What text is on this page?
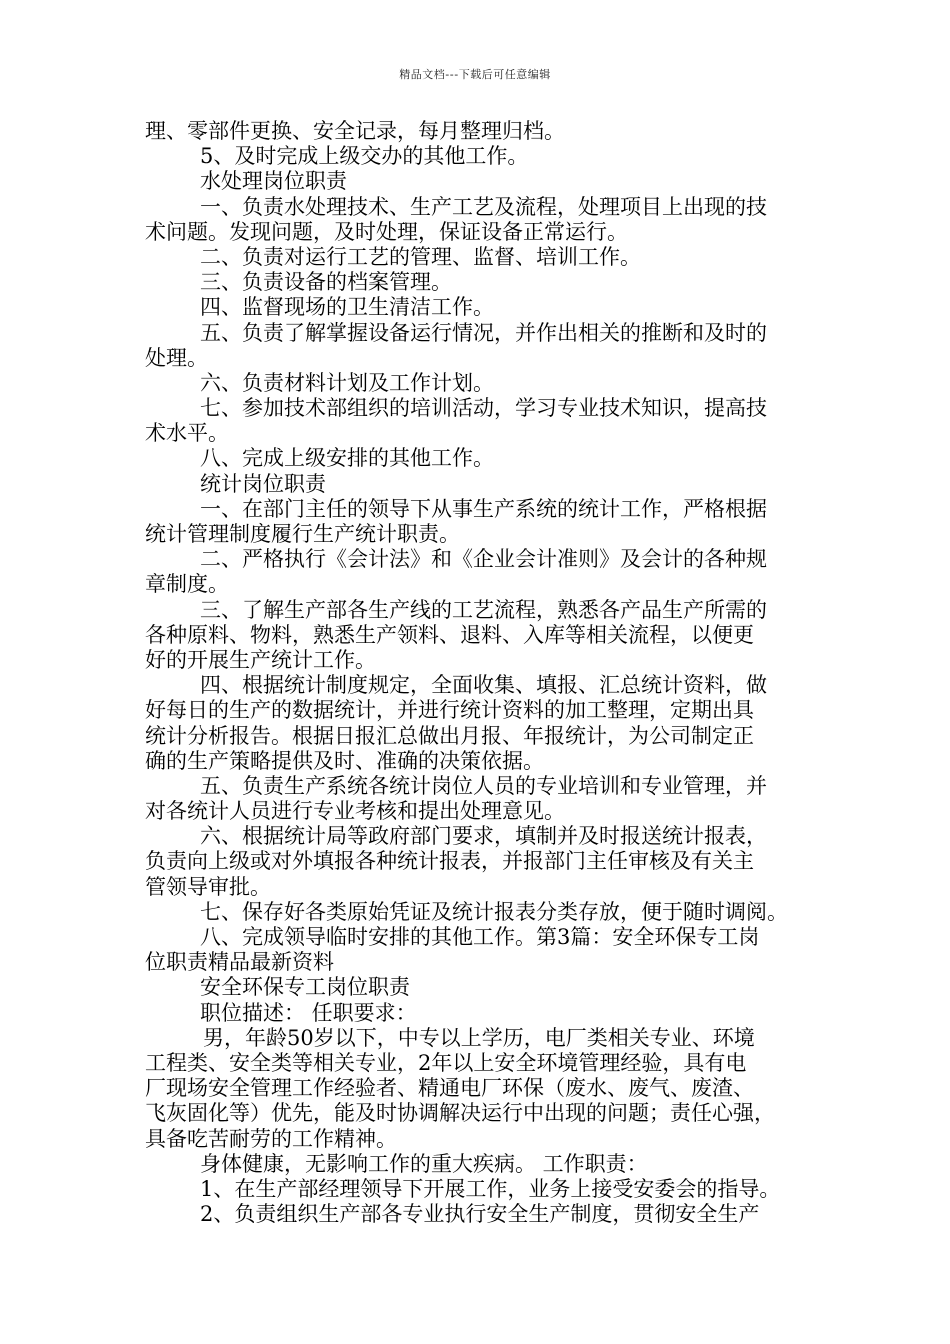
精品文档---下载后可任意编辑
理、零部件更换、安全记录，每月整理归档。
5、及时完成上级交办的其他工作。
水处理岗位职责
一、负责水处理技术、生产工艺及流程，处理项目上出现的技
术问题。发现问题，及时处理，保证设备正常运行。
二、负责对运行工艺的管理、监督、培训工作。
三、负责设备的档案管理。
四、监督现场的卫生清洁工作。
五、负责了解掌握设备运行情况，并作出相关的推断和及时的
处理。
六、负责材料计划及工作计划。
七、参加技术部组织的培训活动，学习专业技术知识，提高技
术水平。
八、完成上级安排的其他工作。
统计岗位职责
一、在部门主任的领导下从事生产系统的统计工作，严格根据
统计管理制度履行生产统计职责。
二、严格执行《会计法》和《企业会计准则》及会计的各种规
章制度。
三、了解生产部各生产线的工艺流程，熟悉各产品生产所需的
各种原料、物料，熟悉生产领料、退料、入库等相关流程，以便更
好的开展生产统计工作。
四、根据统计制度规定，全面收集、填报、汇总统计资料，做
好每日的生产的数据统计，并进行统计资料的加工整理，定期出具
统计分析报告。根据日报汇总做出月报、年报统计，为公司制定正
确的生产策略提供及时、准确的决策依据。
五、负责生产系统各统计岗位人员的专业培训和专业管理，并
对各统计人员进行专业考核和提出处理意见。
六、根据统计局等政府部门要求，填制并及时报送统计报表，
负责向上级或对外填报各种统计报表，并报部门主任审核及有关主
管领导审批。
七、保存好各类原始凭证及统计报表分类存放，便于随时调阅。
八、完成领导临时安排的其他工作。第3篇：安全环保专工岗
位职责精品最新资料
安全环保专工岗位职责
职位描述： 任职要求：
男，年龄50岁以下，中专以上学历，电厂类相关专业、环境
工程类、安全类等相关专业，2年以上安全环境管理经验，具有电
厂现场安全管理工作经验者、精通电厂环保（废水、废气、废渣、
飞灰固化等）优先，能及时协调解决运行中出现的问题；责任心强，
具备吃苦耐劳的工作精神。
身体健康，无影响工作的重大疾病。 工作职责：
1、在生产部经理领导下开展工作，业务上接受安委会的指导。
2、负责组织生产部各专业执行安全生产制度，贯彻安全生产
